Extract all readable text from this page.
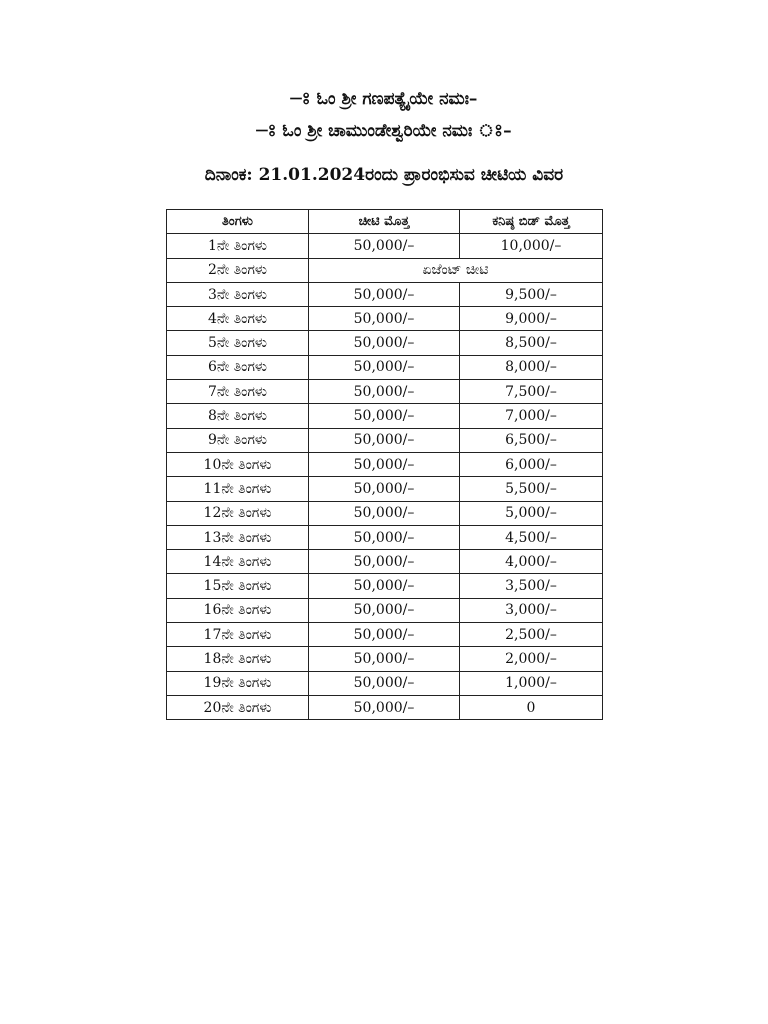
–ঃ ಓಂ ಶ್ರೀ ಗಣಪತ್ಯೈಯೇ ನಮಃ–
–ঃ ಓಂ ಶ್ರೀ ಚಾಮುಂಡೇಶ್ವರಿಯೇ ನಮಃ ঃ–
ದಿನಾಂಕ: 21.01.2024ರಂದು ಪ್ರಾರಂಭಿಸುವ ಚೀಟಿಯ ವಿವರ
ತಿಂಗಳು	ಚೀಟಿ ಮೊತ್ತ	ಕನಿಷ್ಠ ಬಿಡ್ ಮೊತ್ತ
1ನೇ ತಿಂಗಳು	50,000/–	10,000/–
2ನೇ ತಿಂಗಳು	ಏಜೆಂಟ್ ಚೀಟಿ	
3ನೇ ತಿಂಗಳು	50,000/–	9,500/–
4ನೇ ತಿಂಗಳು	50,000/–	9,000/–
5ನೇ ತಿಂಗಳು	50,000/–	8,500/–
6ನೇ ತಿಂಗಳು	50,000/–	8,000/–
7ನೇ ತಿಂಗಳು	50,000/–	7,500/–
8ನೇ ತಿಂಗಳು	50,000/–	7,000/–
9ನೇ ತಿಂಗಳು	50,000/–	6,500/–
10ನೇ ತಿಂಗಳು	50,000/–	6,000/–
11ನೇ ತಿಂಗಳು	50,000/–	5,500/–
12ನೇ ತಿಂಗಳು	50,000/–	5,000/–
13ನೇ ತಿಂಗಳು	50,000/–	4,500/–
14ನೇ ತಿಂಗಳು	50,000/–	4,000/–
15ನೇ ತಿಂಗಳು	50,000/–	3,500/–
16ನೇ ತಿಂಗಳು	50,000/–	3,000/–
17ನೇ ತಿಂಗಳು	50,000/–	2,500/–
18ನೇ ತಿಂಗಳು	50,000/–	2,000/–
19ನೇ ತಿಂಗಳು	50,000/–	1,000/–
20ನೇ ತಿಂಗಳು	50,000/–	0
